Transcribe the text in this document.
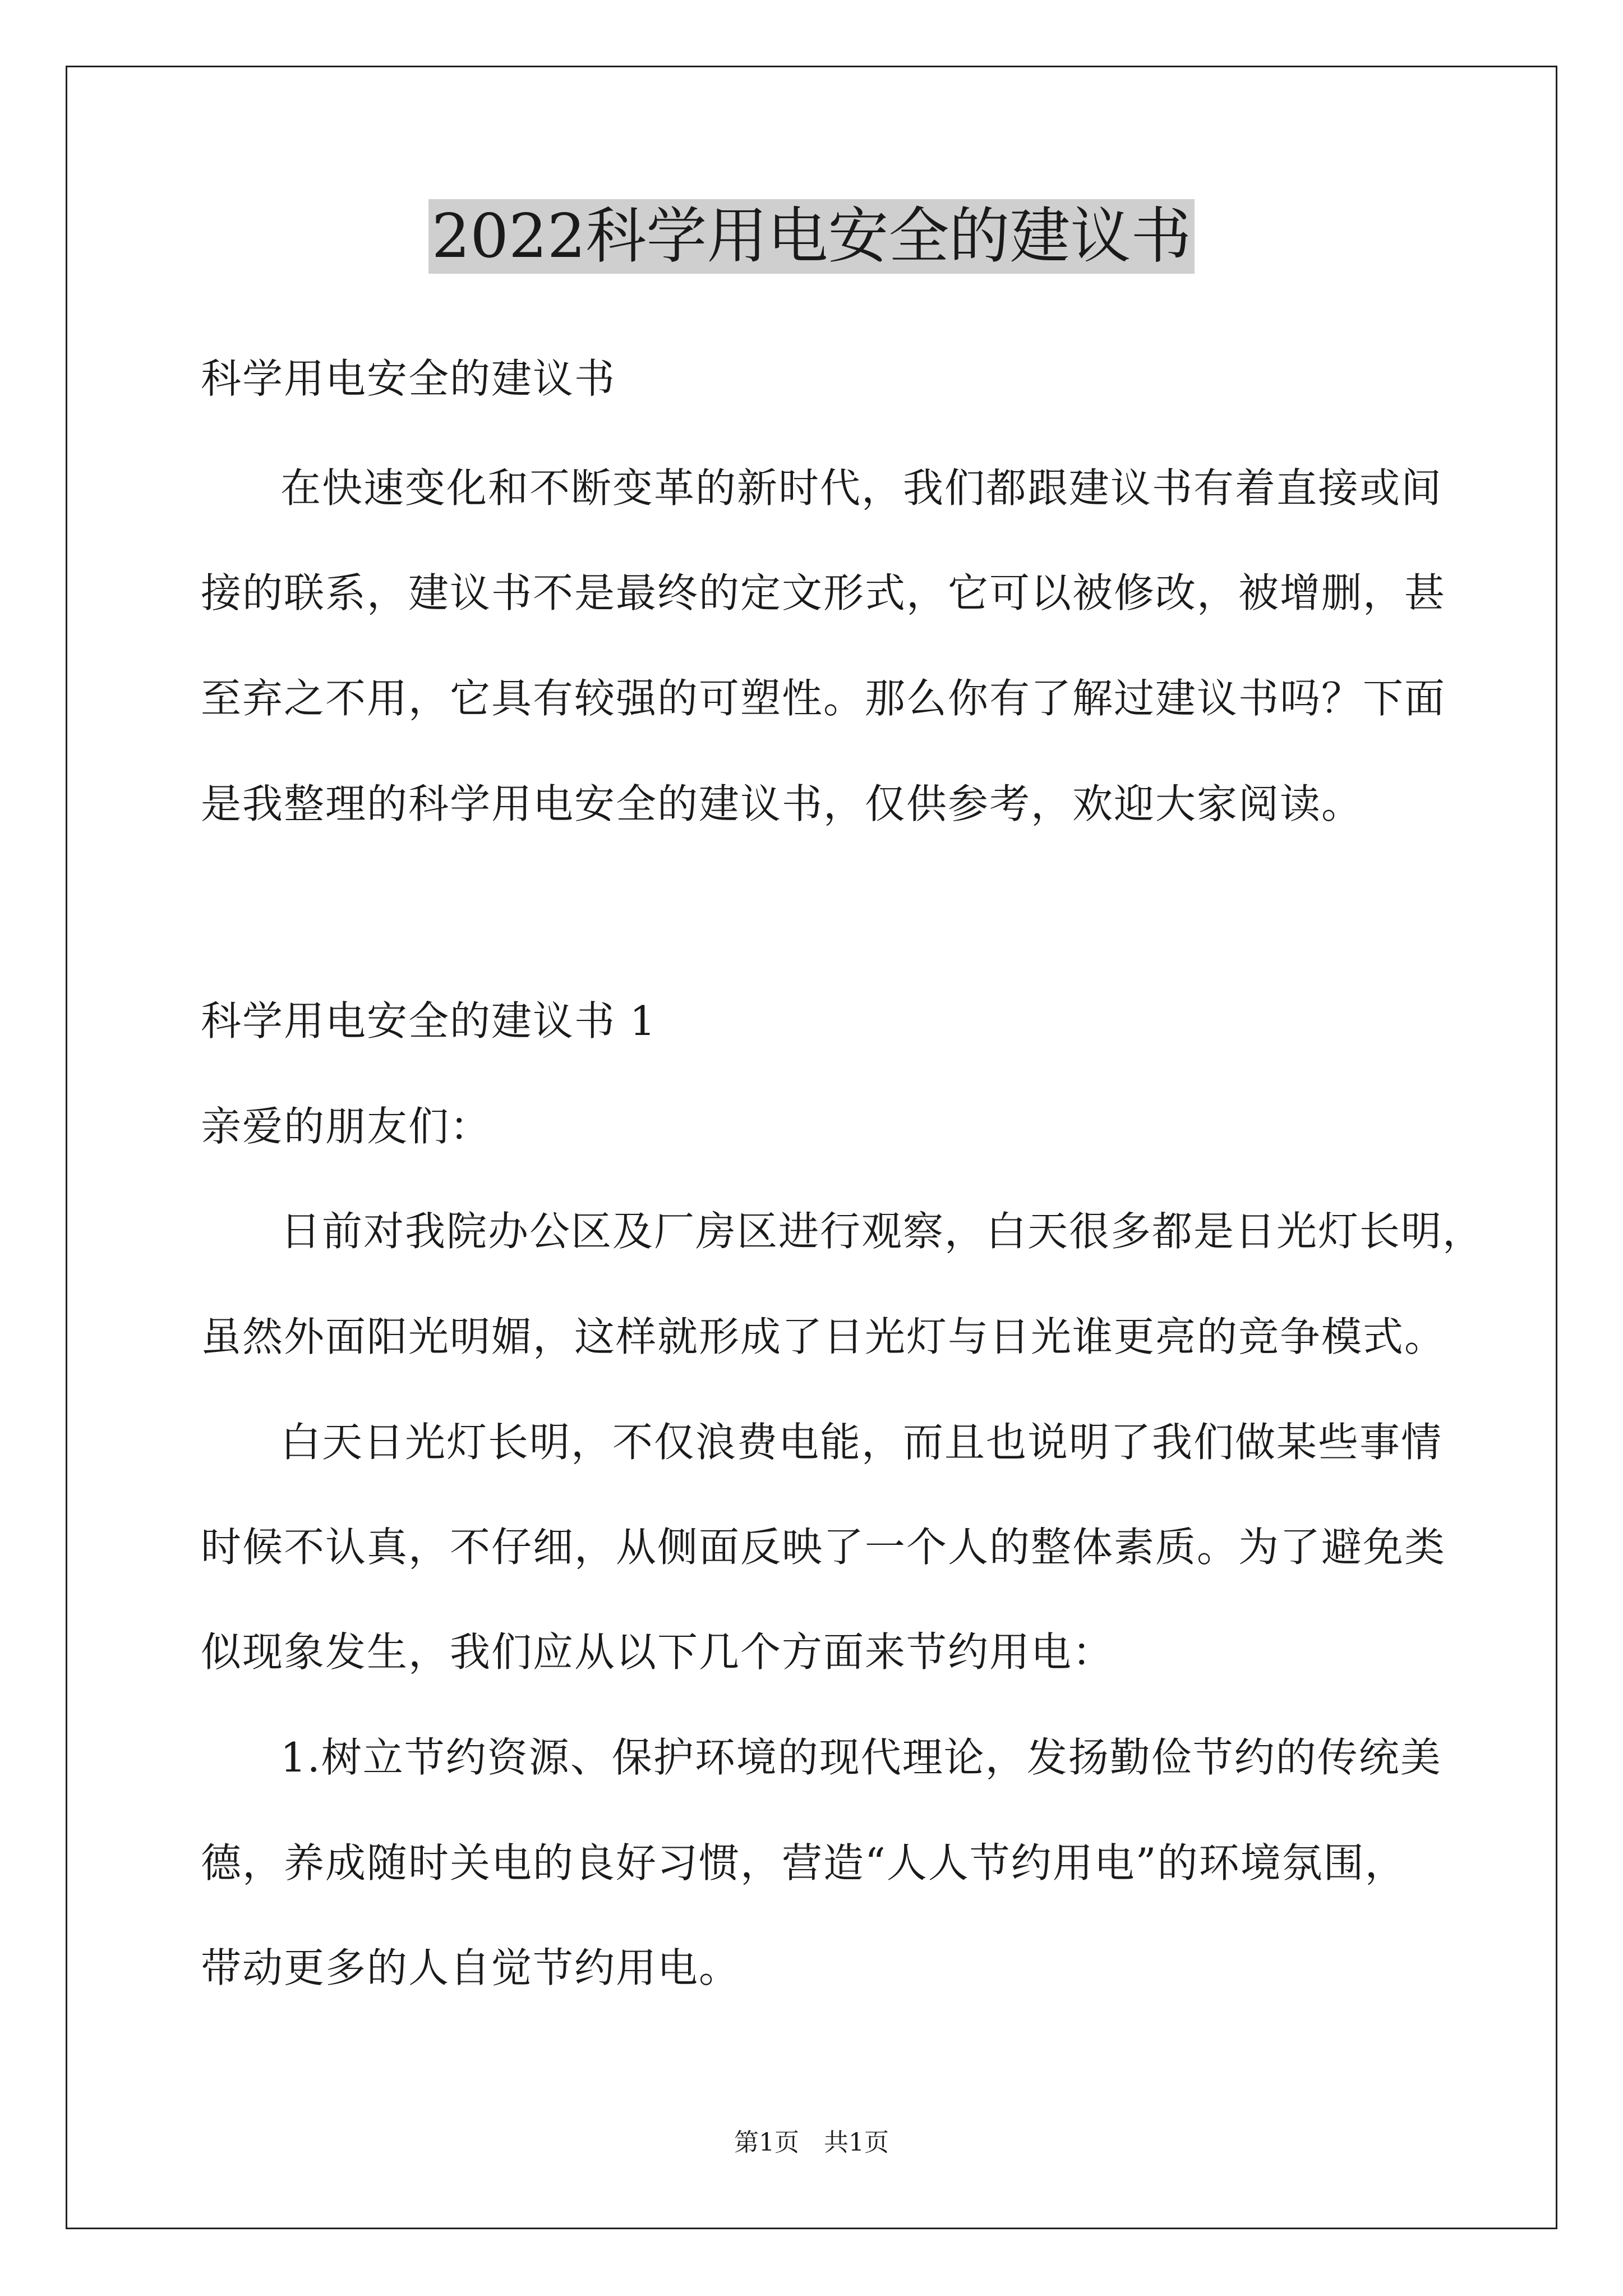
2022科学用电安全的建议书
科学用电安全的建议书
在快速变化和不断变革的新时代，我们都跟建议书有着直接或间
接的联系，建议书不是最终的定文形式，它可以被修改，被增删，甚
至弃之不用，它具有较强的可塑性。那么你有了解过建议书吗？下面
是我整理的科学用电安全的建议书，仅供参考，欢迎大家阅读。
科学用电安全的建议书 1
亲爱的朋友们：
日前对我院办公区及厂房区进行观察，白天很多都是日光灯长明，
虽然外面阳光明媚，这样就形成了日光灯与日光谁更亮的竞争模式。
白天日光灯长明，不仅浪费电能，而且也说明了我们做某些事情
时候不认真，不仔细，从侧面反映了一个人的整体素质。为了避免类
似现象发生，我们应从以下几个方面来节约用电：
1.树立节约资源、保护环境的现代理论，发扬勤俭节约的传统美
德，养成随时关电的良好习惯，营造“人人节约用电”的环境氛围，
带动更多的人自觉节约用电。
第1页　共1页
